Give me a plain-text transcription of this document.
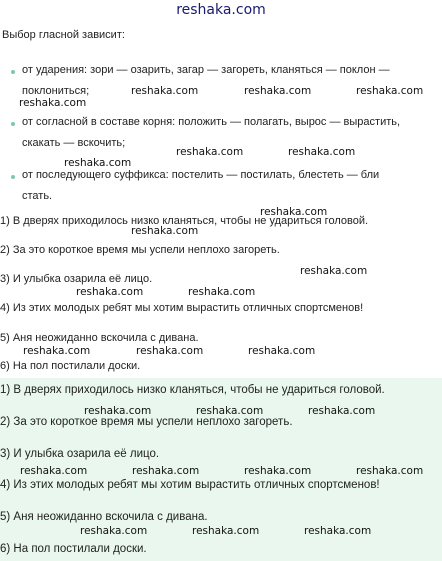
reshaka.com
Выбор гласной зависит:
от ударения: зори — озарить, загар — загореть, кланяться — поклон —
поклониться;
от согласной в составе корня: положить — полагать, вырос — вырастить,
скакать — вскочить;
от последующего суффикса: постелить — постилать, блестеть — бли
стать.
1) В дверях приходилось низко кланяться, чтобы не удариться головой.
2) За это короткое время мы успели неплохо загореть.
3) И улыбка озарила её лицо.
4) Из этих молодых ребят мы хотим вырастить отличных спортсменов!
5) Аня неожиданно вскочила с дивана.
6) На пол постилали доски.
1) В дверях приходилось низко кланяться, чтобы не удариться головой.
2) За это короткое время мы успели неплохо загореть.
3) И улыбка озарила её лицо.
4) Из этих молодых ребят мы хотим вырастить отличных спортсменов!
5) Аня неожиданно вскочила с дивана.
6) На пол постилали доски.
reshaka.com	reshaka.com	reshaka.com
reshaka.com
reshaka.com	reshaka.com
reshaka.com
reshaka.com
reshaka.com
reshaka.com
reshaka.com	reshaka.com
reshaka.com	reshaka.com	reshaka.com
reshaka.com	reshaka.com	reshaka.com
reshaka.com	reshaka.com	reshaka.com	reshaka.com
reshaka.com	reshaka.com	reshaka.com
